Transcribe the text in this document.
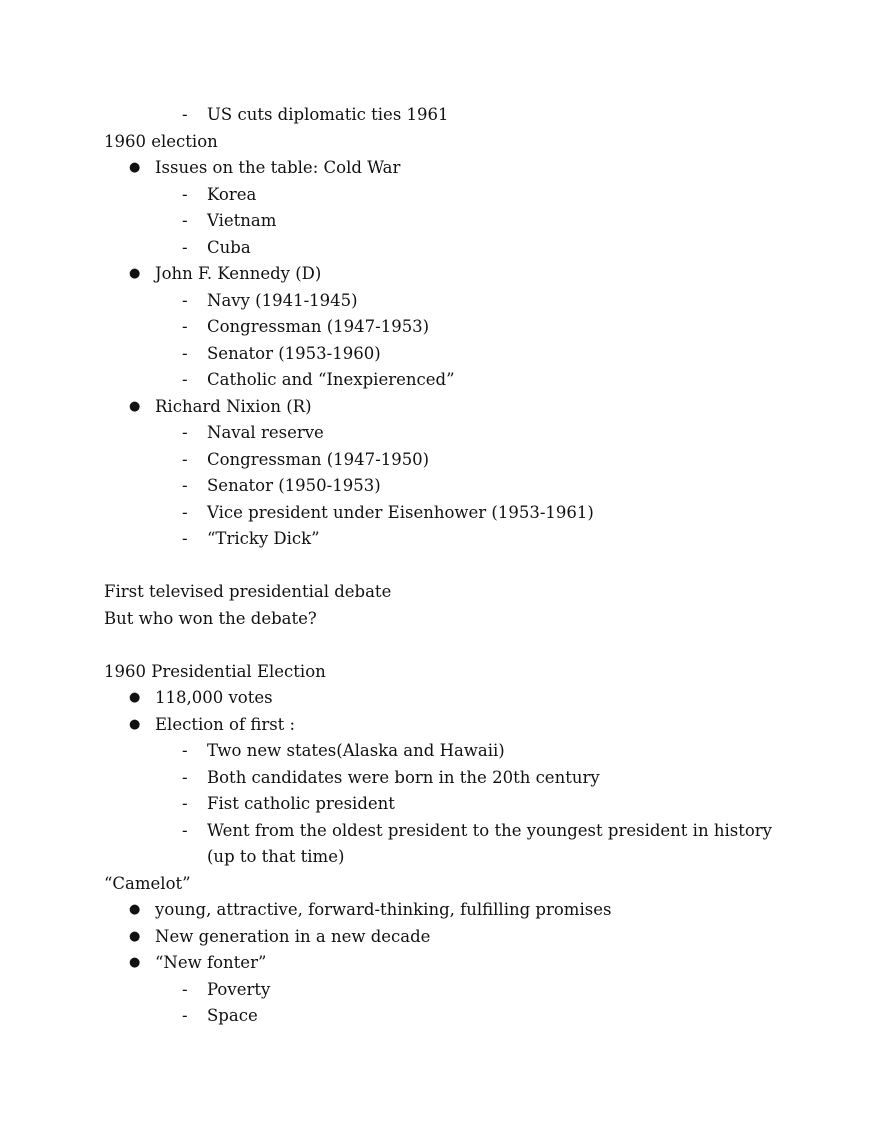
- US cuts diplomatic ties 1961
1960 election
● Issues on the table: Cold War
- Korea
- Vietnam
- Cuba
● John F. Kennedy (D)
- Navy (1941-1945)
- Congressman (1947-1953)
- Senator (1953-1960)
- Catholic and “Inexpierenced”
● Richard Nixion (R)
- Naval reserve
- Congressman (1947-1950)
- Senator (1950-1953)
- Vice president under Eisenhower (1953-1961)
- “Tricky Dick”
First televised presidential debate
But who won the debate?
1960 Presidential Election
● 118,000 votes
● Election of first :
- Two new states(Alaska and Hawaii)
- Both candidates were born in the 20th century
- Fist catholic president
- Went from the oldest president to the youngest president in history (up to that time)
“Camelot”
● young, attractive, forward-thinking, fulfilling promises
● New generation in a new decade
● “New fonter”
- Poverty
- Space
